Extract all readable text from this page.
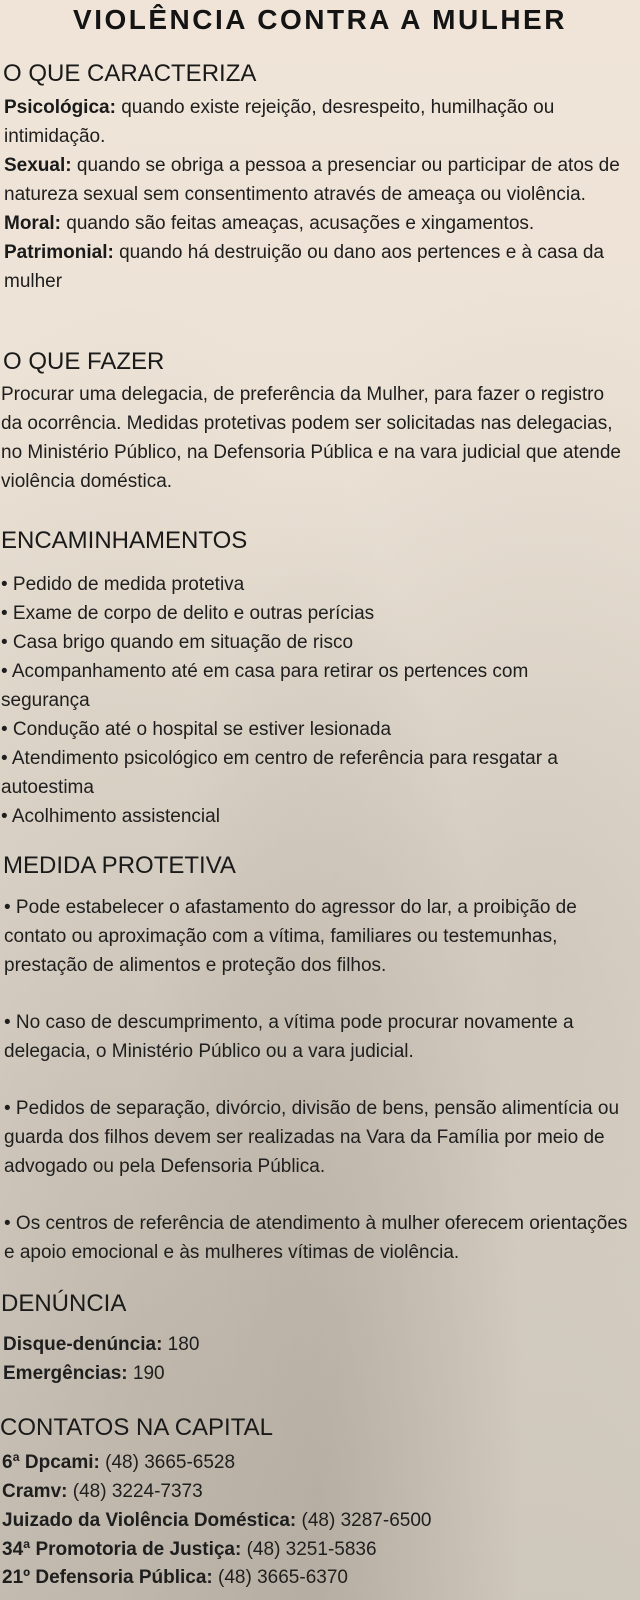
VIOLÊNCIA CONTRA A MULHER
O QUE CARACTERIZA
Psicológica: quando existe rejeição, desrespeito, humilhação ou intimidação.
Sexual: quando se obriga a pessoa a presenciar ou participar de atos de natureza sexual sem consentimento através de ameaça ou violência.
Moral: quando são feitas ameaças, acusações e xingamentos.
Patrimonial: quando há destruição ou dano aos pertences e à casa da mulher
O QUE FAZER
Procurar uma delegacia, de preferência da Mulher, para fazer o registro da ocorrência. Medidas protetivas podem ser solicitadas nas delegacias, no Ministério Público, na Defensoria Pública e na vara judicial que atende violência doméstica.
ENCAMINHAMENTOS
• Pedido de medida protetiva
• Exame de corpo de delito e outras perícias
• Casa brigo quando em situação de risco
• Acompanhamento até em casa para retirar os pertences com segurança
• Condução até o hospital se estiver lesionada
• Atendimento psicológico em centro de referência para resgatar a autoestima
• Acolhimento assistencial
MEDIDA PROTETIVA
• Pode estabelecer o afastamento do agressor do lar, a proibição de contato ou aproximação com a vítima, familiares ou testemunhas, prestação de alimentos e proteção dos filhos.
• No caso de descumprimento, a vítima pode procurar novamente a delegacia, o Ministério Público ou a vara judicial.
• Pedidos de separação, divórcio, divisão de bens, pensão alimentícia ou guarda dos filhos devem ser realizadas na Vara da Família por meio de advogado ou pela Defensoria Pública.
• Os centros de referência de atendimento à mulher oferecem orientações e apoio emocional e às mulheres vítimas de violência.
DENÚNCIA
Disque-denúncia: 180
Emergências: 190
CONTATOS NA CAPITAL
6ª Dpcami: (48) 3665-6528
Cramv: (48) 3224-7373
Juizado da Violência Doméstica: (48) 3287-6500
34ª Promotoria de Justiça: (48) 3251-5836
21º Defensoria Pública: (48) 3665-6370
